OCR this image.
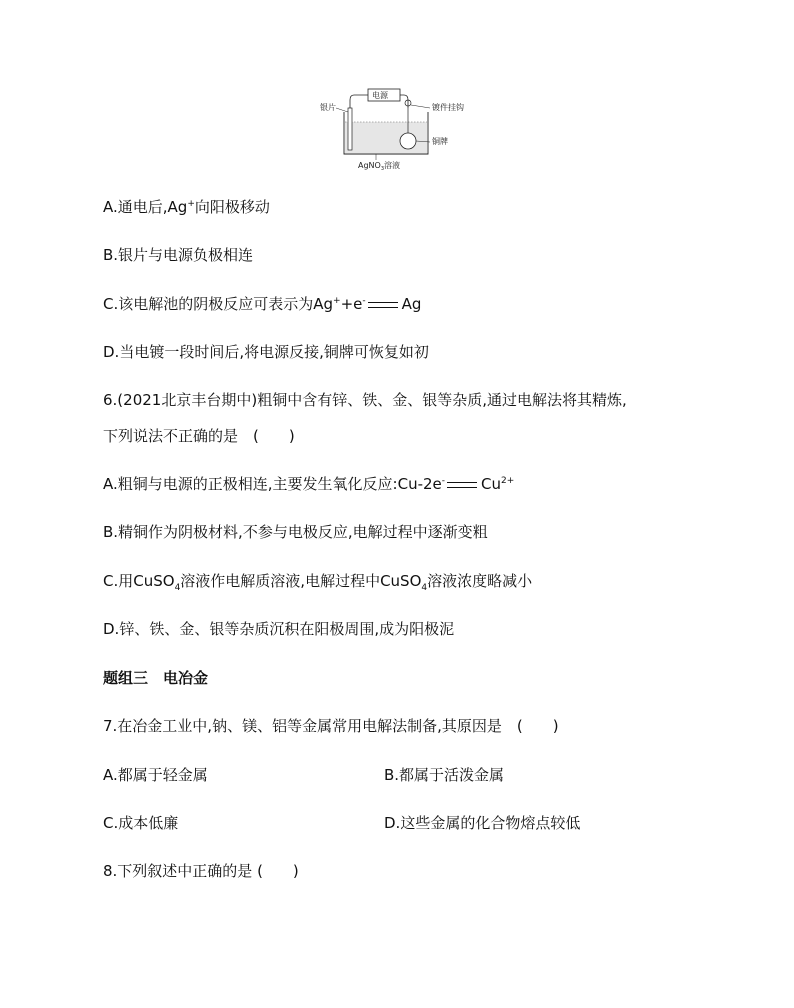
电源
银片	镀件挂钩
铜牌
AgNO$_3$溶液
A.通电后,Ag+向阳极移动
B.银片与电源负极相连
C.该电解池的阴极反应可表示为Ag++e- Ag
D.当电镀一段时间后,将电源反接,铜牌可恢复如初
6.(2021北京丰台期中)粗铜中含有锌、铁、金、银等杂质,通过电解法将其精炼,
下列说法不正确的是　(　　)
A.粗铜与电源的正极相连,主要发生氧化反应:Cu-2e- $Cu^{2+}$
B.精铜作为阴极材料,不参与电极反应,电解过程中逐渐变粗
C.用CuSO$_4$溶液作电解质溶液,电解过程中CuSO$_4$溶液浓度略减小
D.锌、铁、金、银等杂质沉积在阳极周围,成为阳极泥
题组三　电冶金
7.在冶金工业中,钠、镁、铝等金属常用电解法制备,其原因是　(　　)
A.都属于轻金属	B.都属于活泼金属
C.成本低廉	D.这些金属的化合物熔点较低
8.下列叙述中正确的是 (　　)
